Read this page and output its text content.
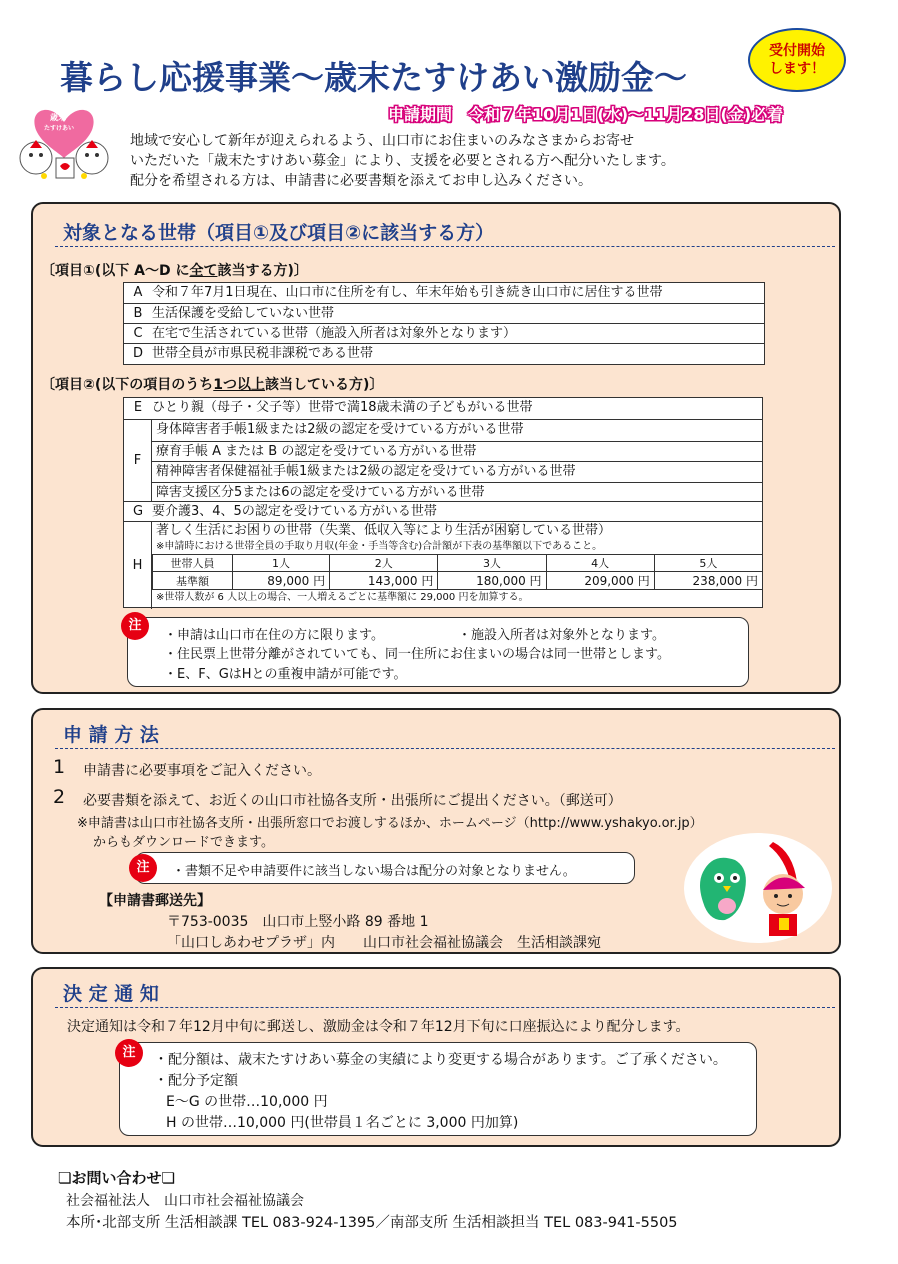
暮らし応援事業～歳末たすけあい激励金～
受付開始
します！
申請期間　令和７年10月1日(水)～11月28日(金)必着
歳末
たすけあい
地域で安心して新年が迎えられるよう、山口市にお住まいのみなさまからお寄せ
いただいた「歳末たすけあい募金」により、支援を必要とされる方へ配分いたします。
配分を希望される方は、申請書に必要書類を添えてお申し込みください。
対象となる世帯（項目①及び項目②に該当する方）
〔項目①(以下 A～D に全て該当する方)〕
A 令和７年7月1日現在、山口市に住所を有し、年末年始も引き続き山口市に居住する世帯
B 生活保護を受給していない世帯
C 在宅で生活されている世帯（施設入所者は対象外となります）
D 世帯全員が市県民税非課税である世帯
〔項目②(以下の項目のうち1つ以上該当している方)〕
E ひとり親（母子・父子等）世帯で満18歳未満の子どもがいる世帯
F
身体障害者手帳1級または2級の認定を受けている方がいる世帯
療育手帳 A または B の認定を受けている方がいる世帯
精神障害者保健福祉手帳1級または2級の認定を受けている方がいる世帯
障害支援区分5または6の認定を受けている方がいる世帯
G 要介護3、4、5の認定を受けている方がいる世帯
H
著しく生活にお困りの世帯（失業、低収入等により生活が困窮している世帯）
※申請時における世帯全員の手取り月収(年金・手当等含む)合計額が下表の基準額以下であること。
世帯人員	1人	2人	3人	4人	5人
基準額	89,000 円	143,000 円	180,000 円	209,000 円	238,000 円
※世帯人数が 6 人以上の場合、一人増えるごとに基準額に 29,000 円を加算する。
・申請は山口市在住の方に限ります。	・施設入所者は対象外となります。
・住民票上世帯分離がされていても、同一住所にお住まいの場合は同一世帯とします。
・E、F、GはHとの重複申請が可能です。
注
申 請 方 法
1 申請書に必要事項をご記入ください。
2 必要書類を添えて、お近くの山口市社協各支所・出張所にご提出ください。（郵送可）
※申請書は山口市社協各支所・出張所窓口でお渡しするほか、ホームページ（http://www.yshakyo.or.jp）
からもダウンロードできます。
・書類不足や申請要件に該当しない場合は配分の対象となりません。
注
【申請書郵送先】
〒753-0035　山口市上竪小路 89 番地 1
「山口しあわせプラザ」内　　山口市社会福祉協議会　生活相談課宛
決 定 通 知
決定通知は令和７年12月中旬に郵送し、激励金は令和７年12月下旬に口座振込により配分します。
・配分額は、歳末たすけあい募金の実績により変更する場合があります。ご了承ください。
・配分予定額
E～G の世帯…10,000 円
H の世帯…10,000 円(世帯員１名ごとに 3,000 円加算)
注
❏お問い合わせ❏
社会福祉法人　山口市社会福祉協議会
本所･北部支所 生活相談課 TEL 083-924-1395／南部支所 生活相談担当 TEL 083-941-5505
